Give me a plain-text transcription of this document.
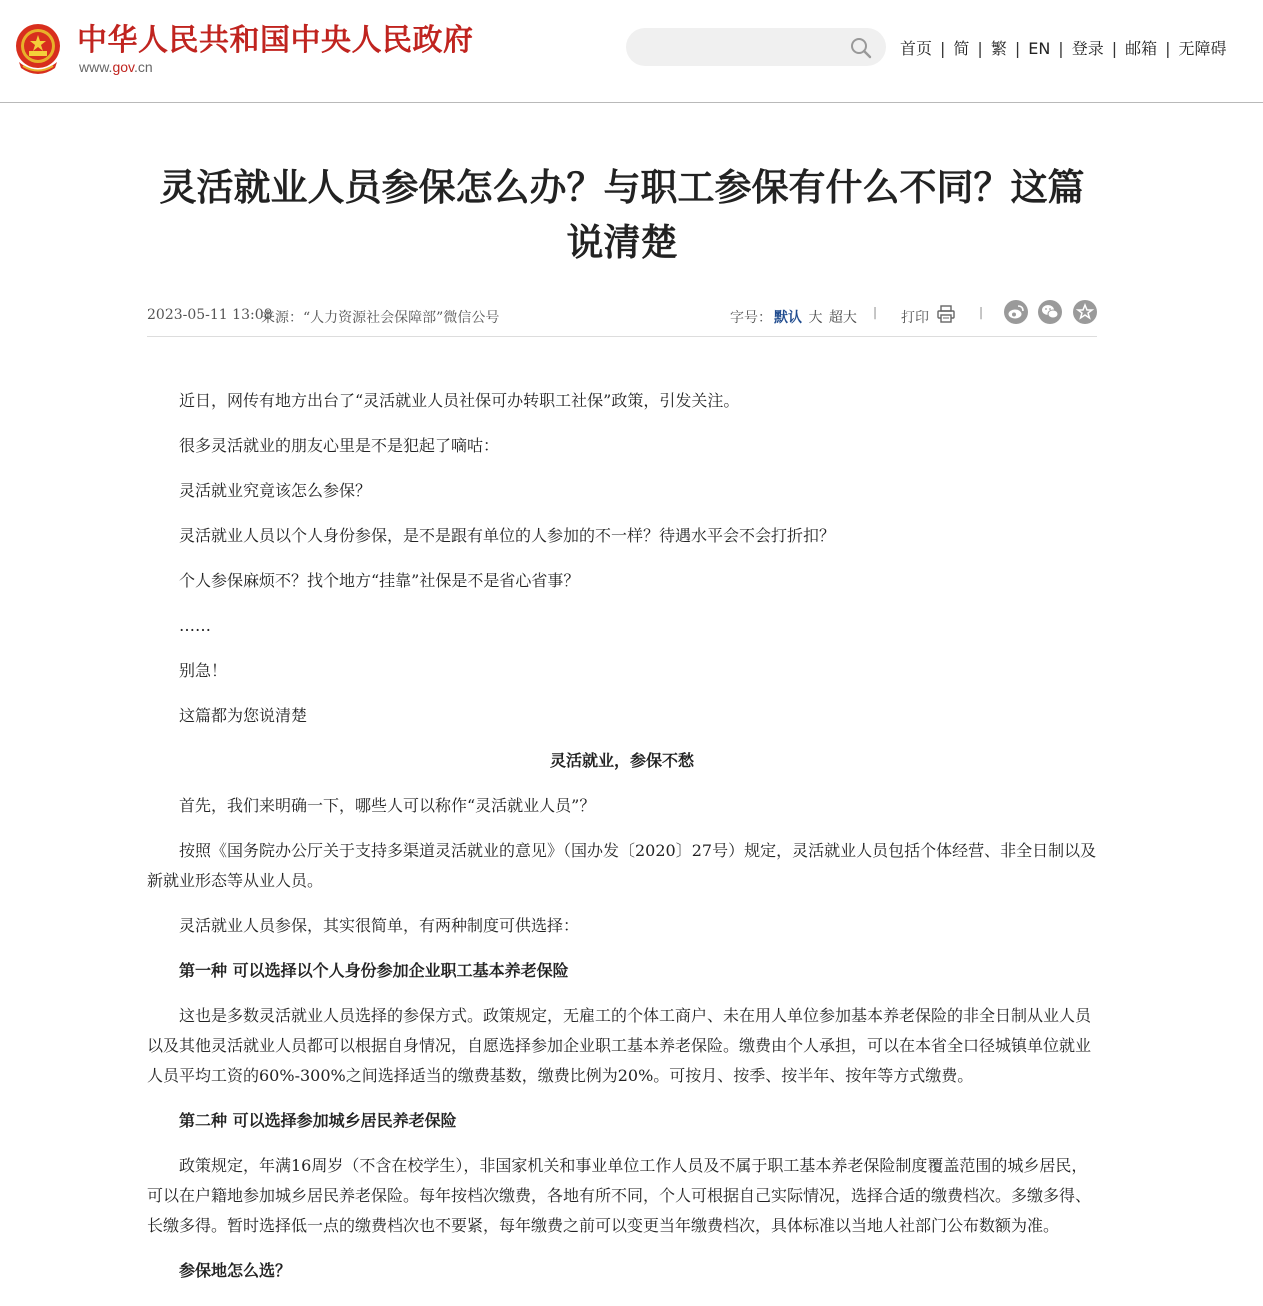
中华人民共和国中央人民政府
www.gov.cn
首页 | 简 | 繁 | EN | 登录 | 邮箱 | 无障碍
灵活就业人员参保怎么办？与职工参保有什么不同？这篇说清楚
2023-05-11 13:08
来源：“人力资源社会保障部”微信公号	字号： 默认 大 超大 | 打印	|

近日，网传有地方出台了“灵活就业人员社保可办转职工社保”政策，引发关注。

很多灵活就业的朋友心里是不是犯起了嘀咕：

灵活就业究竟该怎么参保？

灵活就业人员以个人身份参保，是不是跟有单位的人参加的不一样？待遇水平会不会打折扣？

个人参保麻烦不？找个地方“挂靠”社保是不是省心省事？

……

别急！

这篇都为您说清楚

灵活就业，参保不愁

首先，我们来明确一下，哪些人可以称作“灵活就业人员”？

按照《国务院办公厅关于支持多渠道灵活就业的意见》（国办发〔2020〕27号）规定，灵活就业人员包括个体经营、非全日制以及新就业形态等从业人员。

灵活就业人员参保，其实很简单，有两种制度可供选择：

第一种 可以选择以个人身份参加企业职工基本养老保险

这也是多数灵活就业人员选择的参保方式。政策规定，无雇工的个体工商户、未在用人单位参加基本养老保险的非全日制从业人员以及其他灵活就业人员都可以根据自身情况，自愿选择参加企业职工基本养老保险。缴费由个人承担，可以在本省全口径城镇单位就业人员平均工资的60%-300%之间选择适当的缴费基数，缴费比例为20%。可按月、按季、按半年、按年等方式缴费。

第二种 可以选择参加城乡居民养老保险

政策规定，年满16周岁（不含在校学生），非国家机关和事业单位工作人员及不属于职工基本养老保险制度覆盖范围的城乡居民，可以在户籍地参加城乡居民养老保险。每年按档次缴费，各地有所不同，个人可根据自己实际情况，选择合适的缴费档次。多缴多得、长缴多得。暂时选择低一点的缴费档次也不要紧，每年缴费之前可以变更当年缴费档次，具体标准以当地人社部门公布数额为准。

参保地怎么选？
